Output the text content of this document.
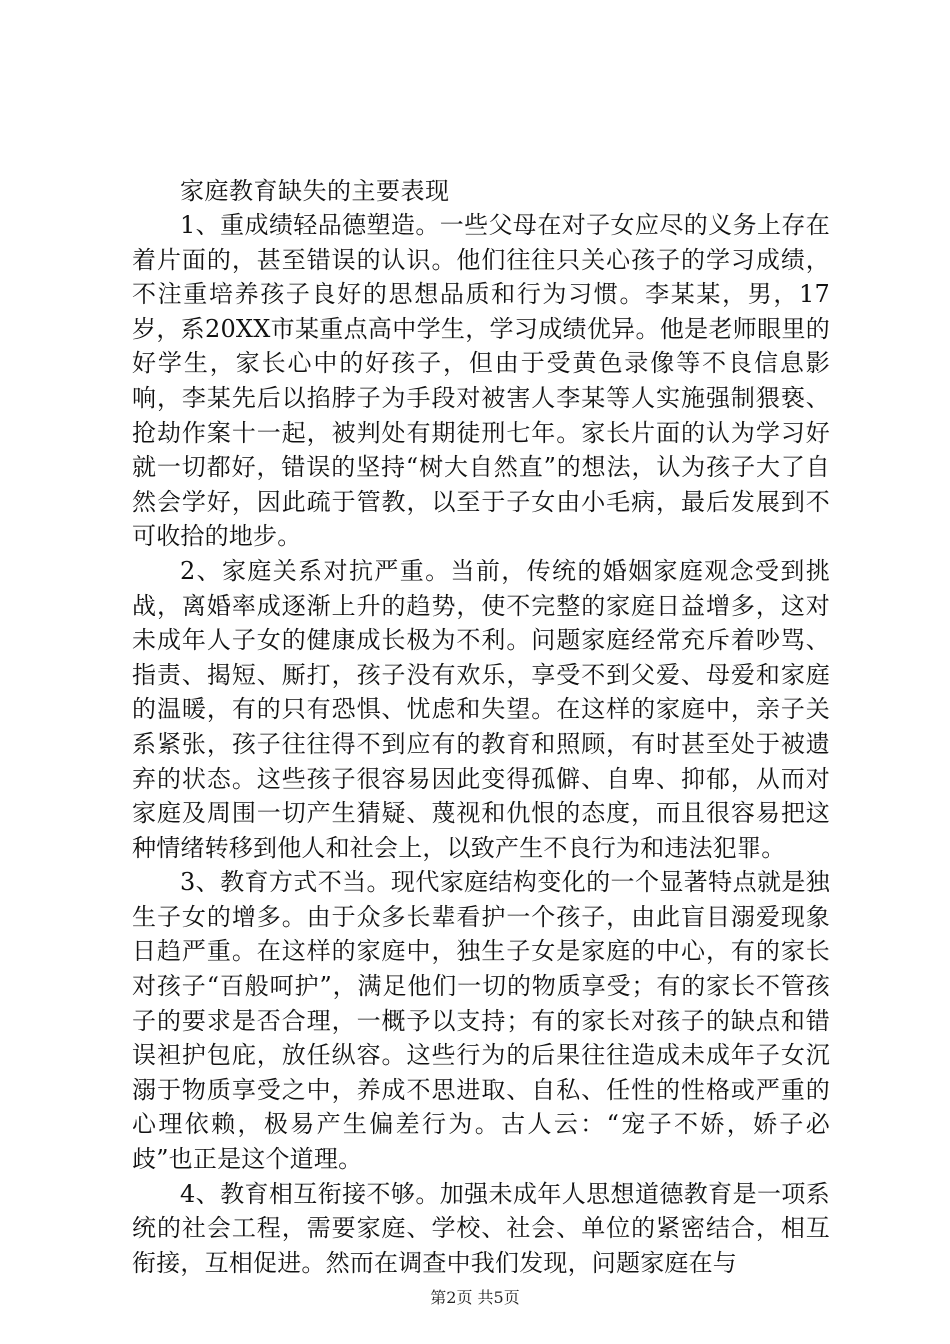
家庭教育缺失的主要表现

1、重成绩轻品德塑造。一些父母在对子女应尽的义务上存在着片面的，甚至错误的认识。他们往往只关心孩子的学习成绩，不注重培养孩子良好的思想品质和行为习惯。李某某，男，17岁，系20XX市某重点高中学生，学习成绩优异。他是老师眼里的好学生，家长心中的好孩子，但由于受黄色录像等不良信息影响，李某先后以掐脖子为手段对被害人李某等人实施强制猥亵、抢劫作案十一起，被判处有期徒刑七年。家长片面的认为学习好就一切都好，错误的坚持“树大自然直”的想法，认为孩子大了自然会学好，因此疏于管教，以至于子女由小毛病，最后发展到不可收拾的地步。

2、家庭关系对抗严重。当前，传统的婚姻家庭观念受到挑战，离婚率成逐渐上升的趋势，使不完整的家庭日益增多，这对未成年人子女的健康成长极为不利。问题家庭经常充斥着吵骂、指责、揭短、厮打，孩子没有欢乐，享受不到父爱、母爱和家庭的温暖，有的只有恐惧、忧虑和失望。在这样的家庭中，亲子关系紧张，孩子往往得不到应有的教育和照顾，有时甚至处于被遗弃的状态。这些孩子很容易因此变得孤僻、自卑、抑郁，从而对家庭及周围一切产生猜疑、蔑视和仇恨的态度，而且很容易把这种情绪转移到他人和社会上，以致产生不良行为和违法犯罪。

3、教育方式不当。现代家庭结构变化的一个显著特点就是独生子女的增多。由于众多长辈看护一个孩子，由此盲目溺爱现象日趋严重。在这样的家庭中，独生子女是家庭的中心，有的家长对孩子“百般呵护”，满足他们一切的物质享受；有的家长不管孩子的要求是否合理，一概予以支持；有的家长对孩子的缺点和错误袒护包庇，放任纵容。这些行为的后果往往造成未成年子女沉溺于物质享受之中，养成不思进取、自私、任性的性格或严重的心理依赖，极易产生偏差行为。古人云：“宠子不娇，娇子必歧”也正是这个道理。

4、教育相互衔接不够。加强未成年人思想道德教育是一项系统的社会工程，需要家庭、学校、社会、单位的紧密结合，相互衔接，互相促进。然而在调查中我们发现，问题家庭在与

第2页 共5页
